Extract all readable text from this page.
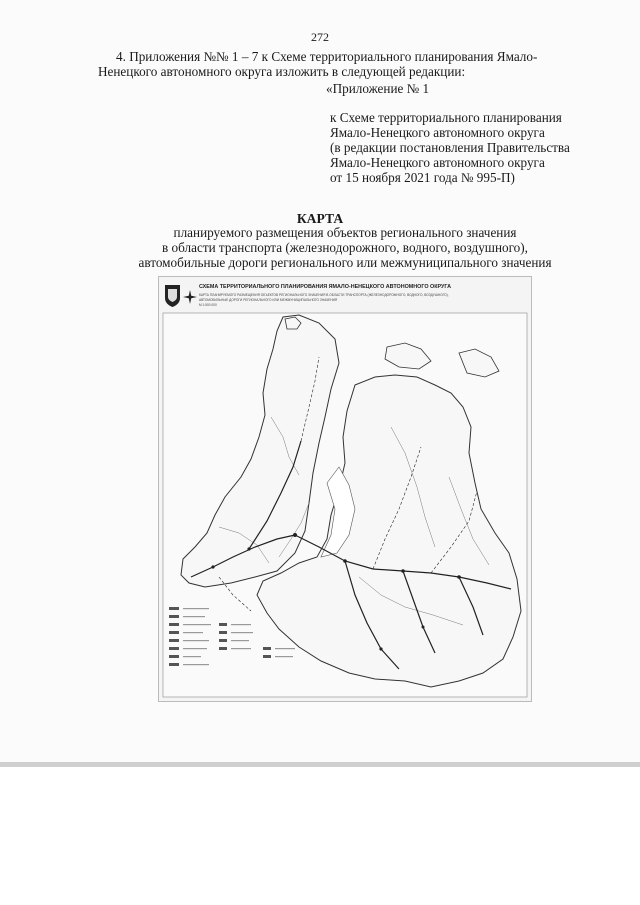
272
4. Приложения №№ 1 – 7 к Схеме территориального планирования Ямало-
Ненецкого автономного округа изложить в следующей редакции:
«Приложение № 1
к Схеме территориального планирования
Ямало-Ненецкого автономного округа
(в редакции постановления Правительства
Ямало-Ненецкого автономного округа
от 15 ноября 2021 года № 995-П)
КАРТА
планируемого размещения объектов регионального значения
в области транспорта (железнодорожного, водного, воздушного),
автомобильные дороги регионального или межмуниципального значения
СХЕМА ТЕРРИТОРИАЛЬНОГО ПЛАНИРОВАНИЯ ЯМАЛО-НЕНЕЦКОГО АВТОНОМНОГО ОКРУГА
КАРТА ПЛАНИРУЕМОГО РАЗМЕЩЕНИЯ ОБЪЕКТОВ РЕГИОНАЛЬНОГО ЗНАЧЕНИЯ В ОБЛАСТИ ТРАНСПОРТА (ЖЕЛЕЗНОДОРОЖНОГО, ВОДНОГО, ВОЗДУШНОГО),
АВТОМОБИЛЬНЫЕ ДОРОГИ РЕГИОНАЛЬНОГО ИЛИ МЕЖМУНИЦИПАЛЬНОГО ЗНАЧЕНИЯ
М 1:500 000
